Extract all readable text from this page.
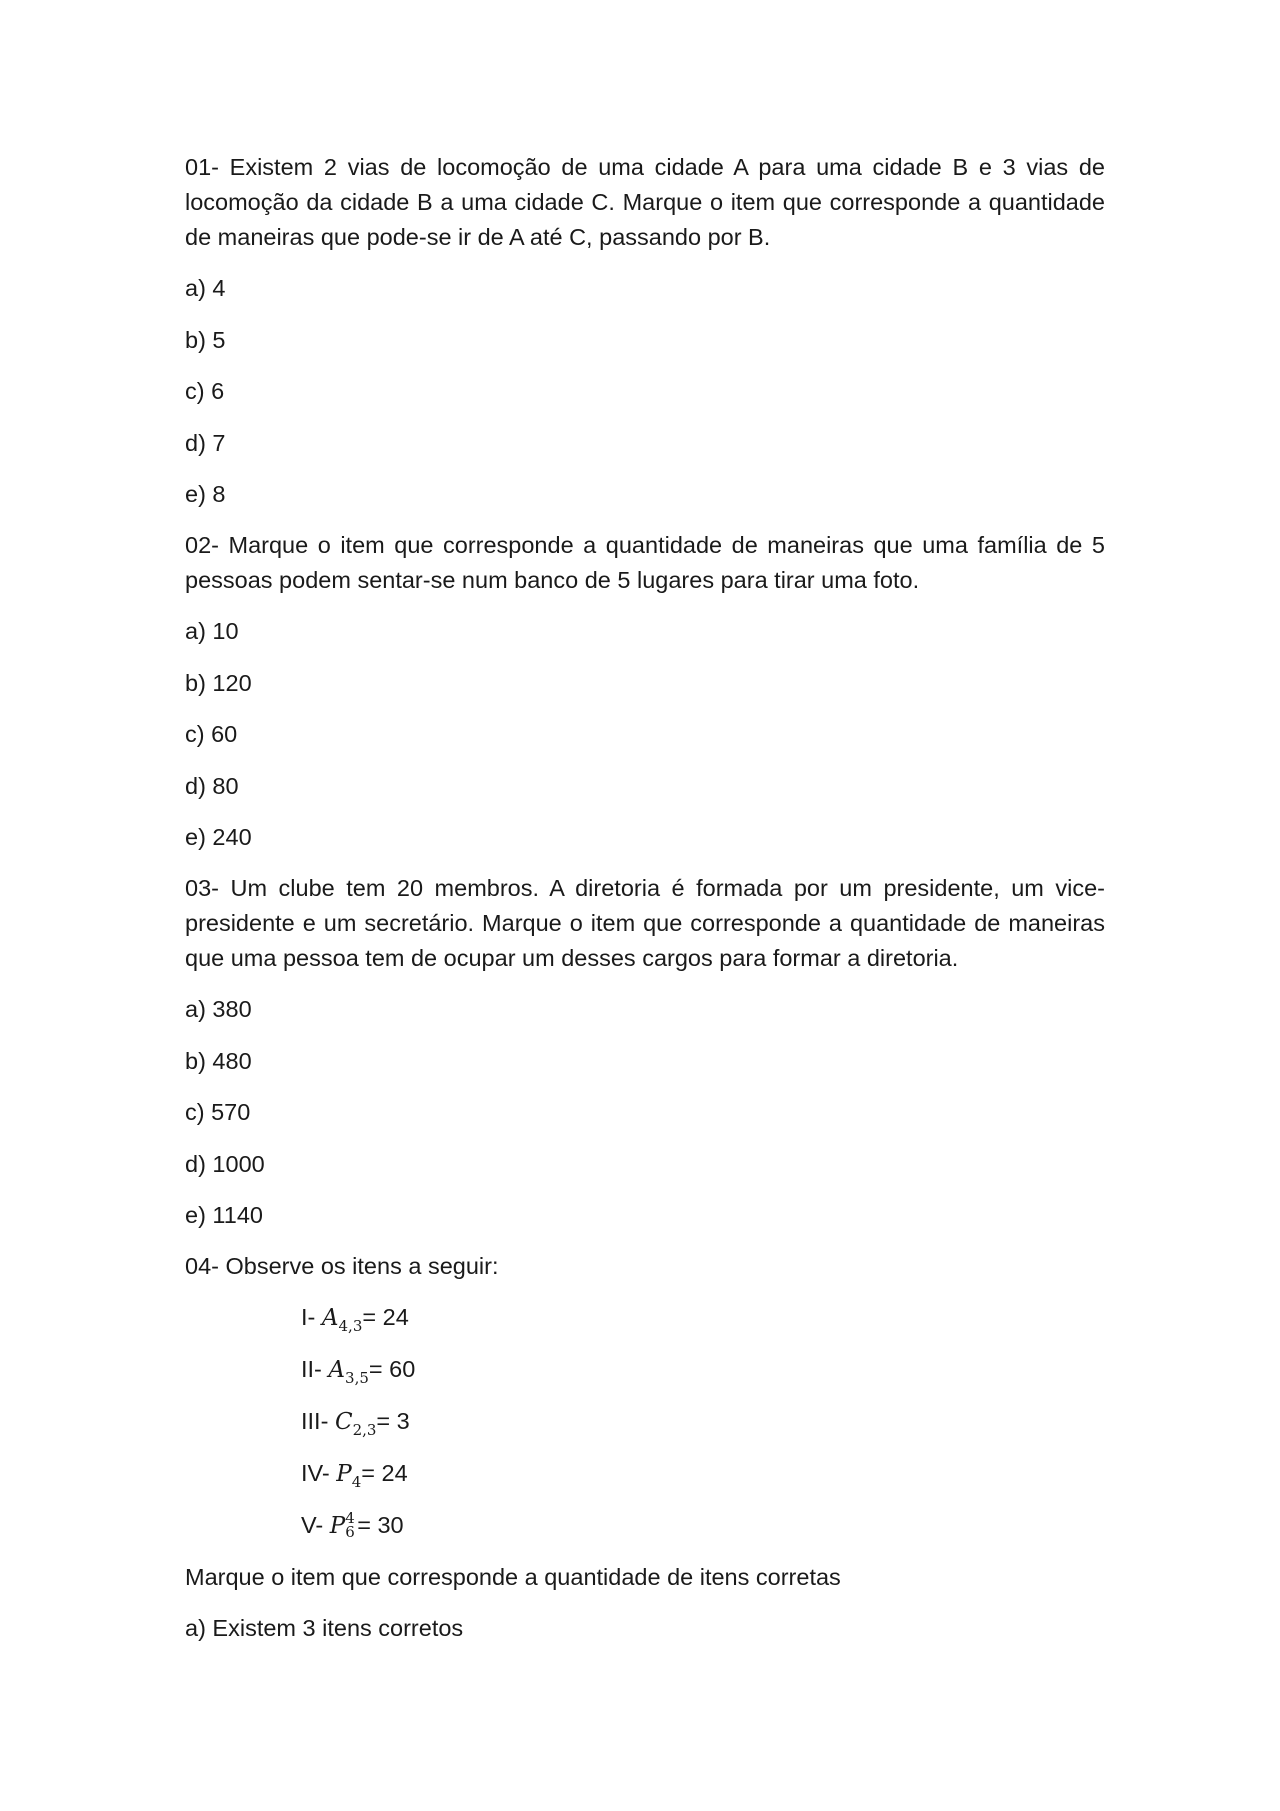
01- Existem 2 vias de locomoção de uma cidade A para uma cidade B e 3 vias de locomoção da cidade B a uma cidade C. Marque o item que corresponde a quantidade de maneiras que pode-se ir de A até C, passando por B.

a) 4
b) 5
c) 6
d) 7
e) 8

02- Marque o item que corresponde a quantidade de maneiras que uma família de 5 pessoas podem sentar-se num banco de 5 lugares para tirar uma foto.

a) 10
b) 120
c) 60
d) 80
e) 240

03- Um clube tem 20 membros. A diretoria é formada por um presidente, um vice-presidente e um secretário. Marque o item que corresponde a quantidade de maneiras que uma pessoa tem de ocupar um desses cargos para formar a diretoria.

a) 380
b) 480
c) 570
d) 1000
e) 1140

04- Observe os itens a seguir:

I- $A_{4,3}= 24$
II- $A_{3,5}= 60$
III- $C_{2,3}= 3$
IV- $P_4= 24$
V- P 4
6 = 30

Marque o item que corresponde a quantidade de itens corretas

a) Existem 3 itens corretos
